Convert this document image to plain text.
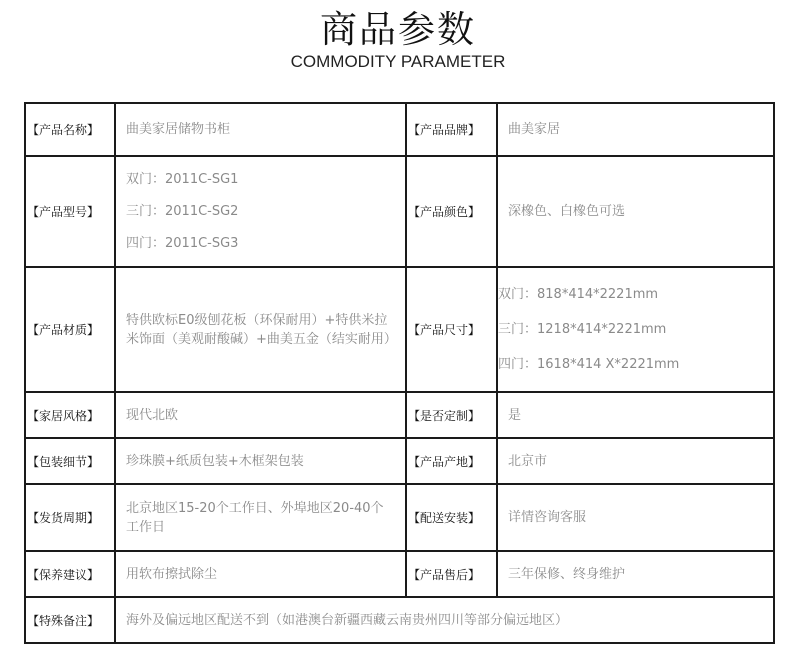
商品参数
COMMODITY PARAMETER
【产品名称】	曲美家居储物书柜	【产品品牌】	曲美家居
【产品型号】	双门：2011C-SG1
三门：2011C-SG2
四门：2011C-SG3	【产品颜色】	深橡色、白橡色可选
【产品材质】	特供欧标E0级刨花板（环保耐用）+特供米拉米饰面（美观耐酸碱）+曲美五金（结实耐用）	【产品尺寸】	双门：818*414*2221mm
三门：1218*414*2221mm
四门：1618*414 X*2221mm

【家居风格】	现代北欧	【是否定制】	是
【包装细节】	珍珠膜+纸质包装+木框架包装	【产品产地】	北京市
【发货周期】	北京地区15-20个工作日、外埠地区20-40个工作日	【配送安装】	详情咨询客服
【保养建议】	用软布擦拭除尘	【产品售后】	三年保修、终身维护
【特殊备注】	海外及偏远地区配送不到（如港澳台新疆西藏云南贵州四川等部分偏远地区）		
